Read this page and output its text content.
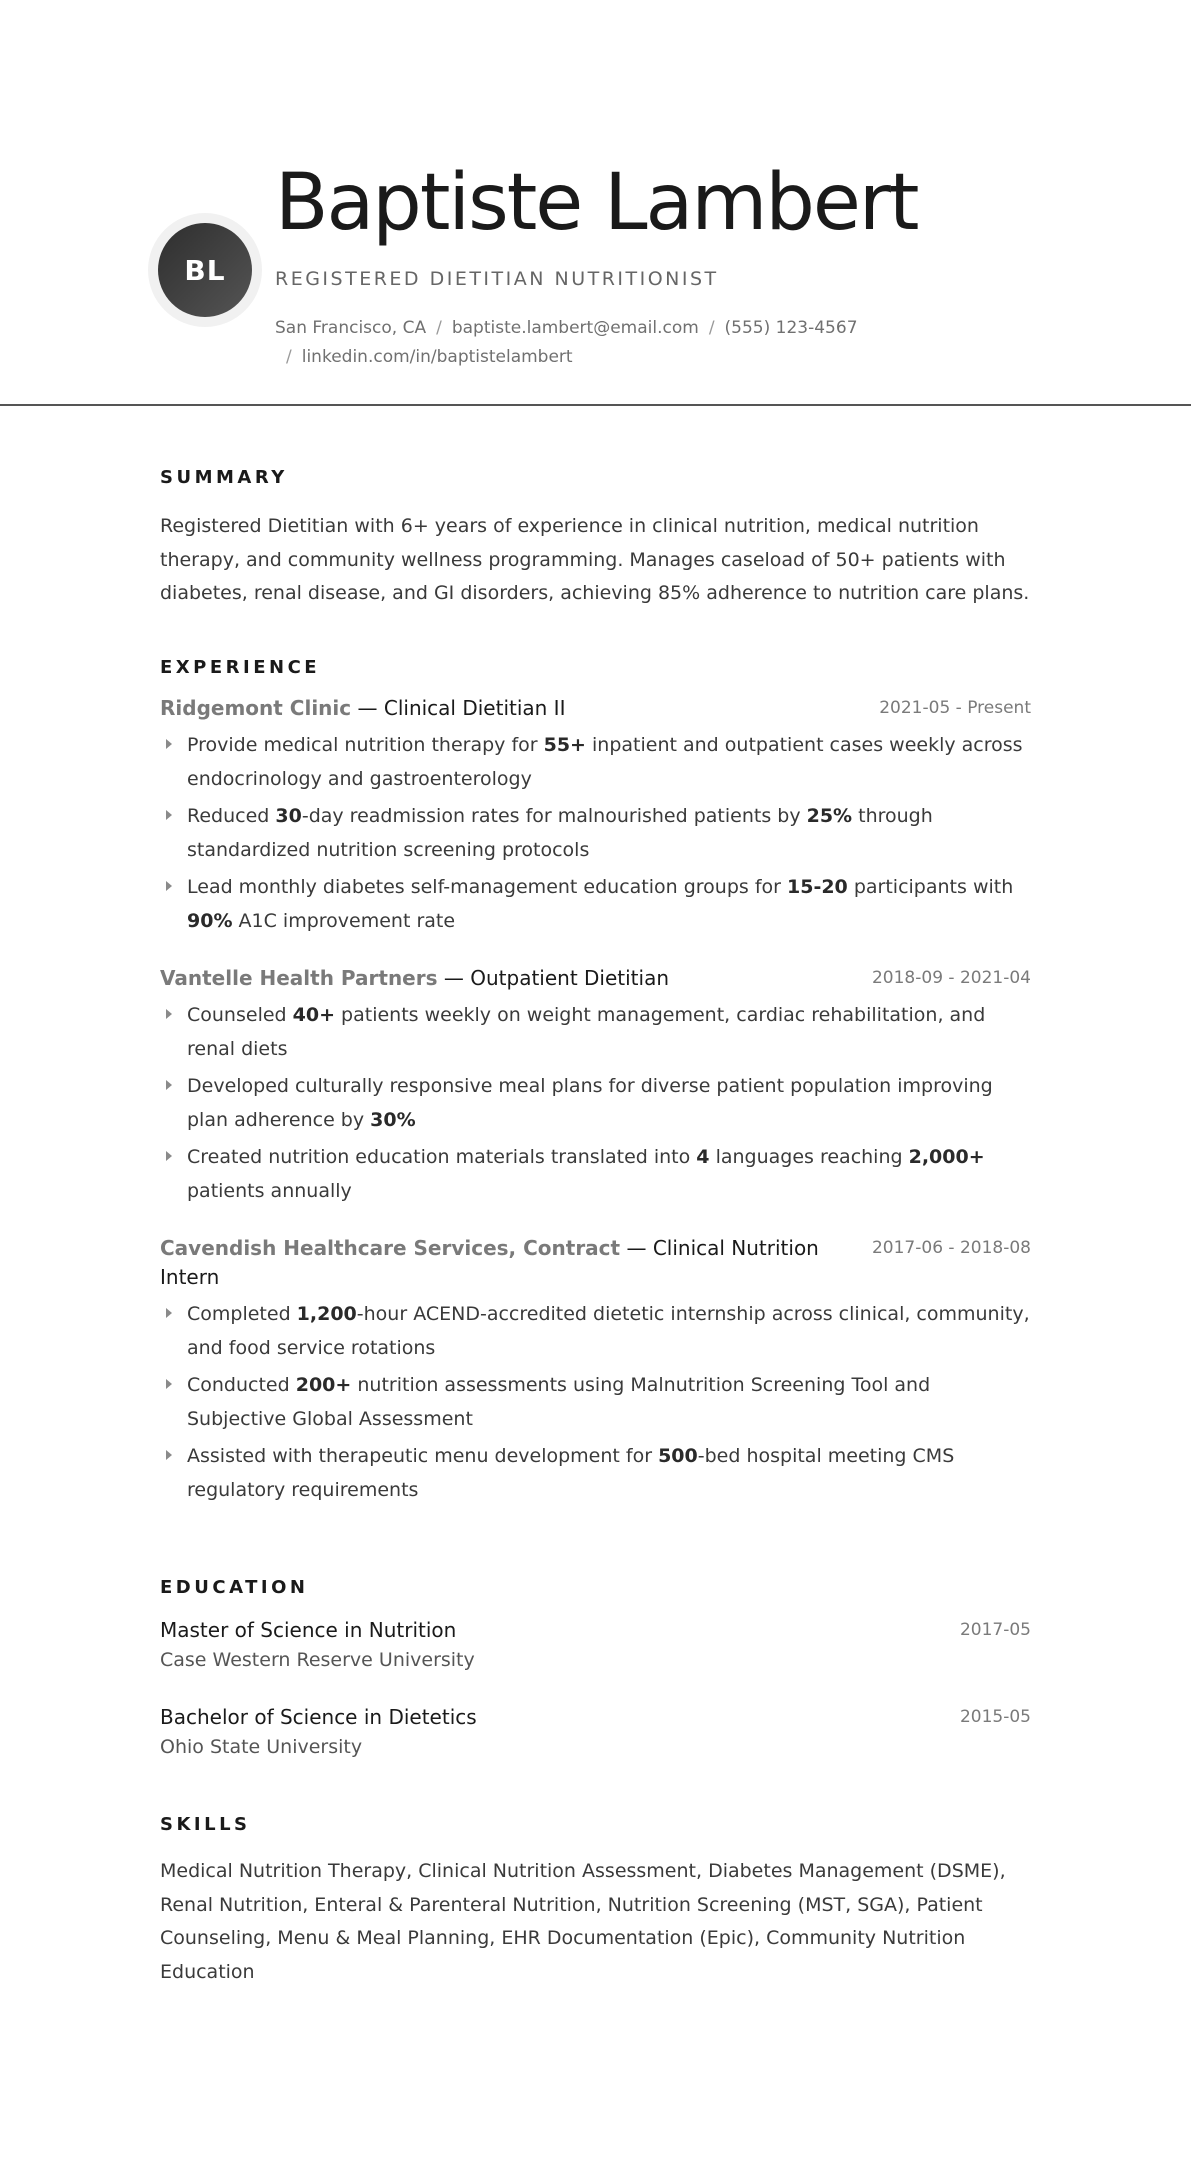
BL
Baptiste Lambert
REGISTERED DIETITIAN NUTRITIONIST
San Francisco, CA / baptiste.lambert@email.com / (555) 123-4567
/ linkedin.com/in/baptistelambert
SUMMARY
Registered Dietitian with 6+ years of experience in clinical nutrition, medical nutrition therapy, and community wellness programming. Manages caseload of 50+ patients with diabetes, renal disease, and GI disorders, achieving 85% adherence to nutrition care plans.
EXPERIENCE
Ridgemont Clinic — Clinical Dietitian II	2021-05 - Present
Provide medical nutrition therapy for 55+ inpatient and outpatient cases weekly across endocrinology and gastroenterology
Reduced 30-day readmission rates for malnourished patients by 25% through standardized nutrition screening protocols
Lead monthly diabetes self-management education groups for 15-20 participants with 90% A1C improvement rate
Vantelle Health Partners — Outpatient Dietitian	2018-09 - 2021-04
Counseled 40+ patients weekly on weight management, cardiac rehabilitation, and renal diets
Developed culturally responsive meal plans for diverse patient population improving plan adherence by 30%
Created nutrition education materials translated into 4 languages reaching 2,000+ patients annually
Cavendish Healthcare Services, Contract — Clinical Nutrition Intern
2017-06 - 2018-08
Completed 1,200-hour ACEND-accredited dietetic internship across clinical, community, and food service rotations
Conducted 200+ nutrition assessments using Malnutrition Screening Tool and Subjective Global Assessment
Assisted with therapeutic menu development for 500-bed hospital meeting CMS regulatory requirements
EDUCATION
Master of Science in Nutrition
Case Western Reserve University
2017-05
Bachelor of Science in Dietetics
Ohio State University
2015-05
SKILLS
Medical Nutrition Therapy, Clinical Nutrition Assessment, Diabetes Management (DSME), Renal Nutrition, Enteral & Parenteral Nutrition, Nutrition Screening (MST, SGA), Patient Counseling, Menu & Meal Planning, EHR Documentation (Epic), Community Nutrition Education
